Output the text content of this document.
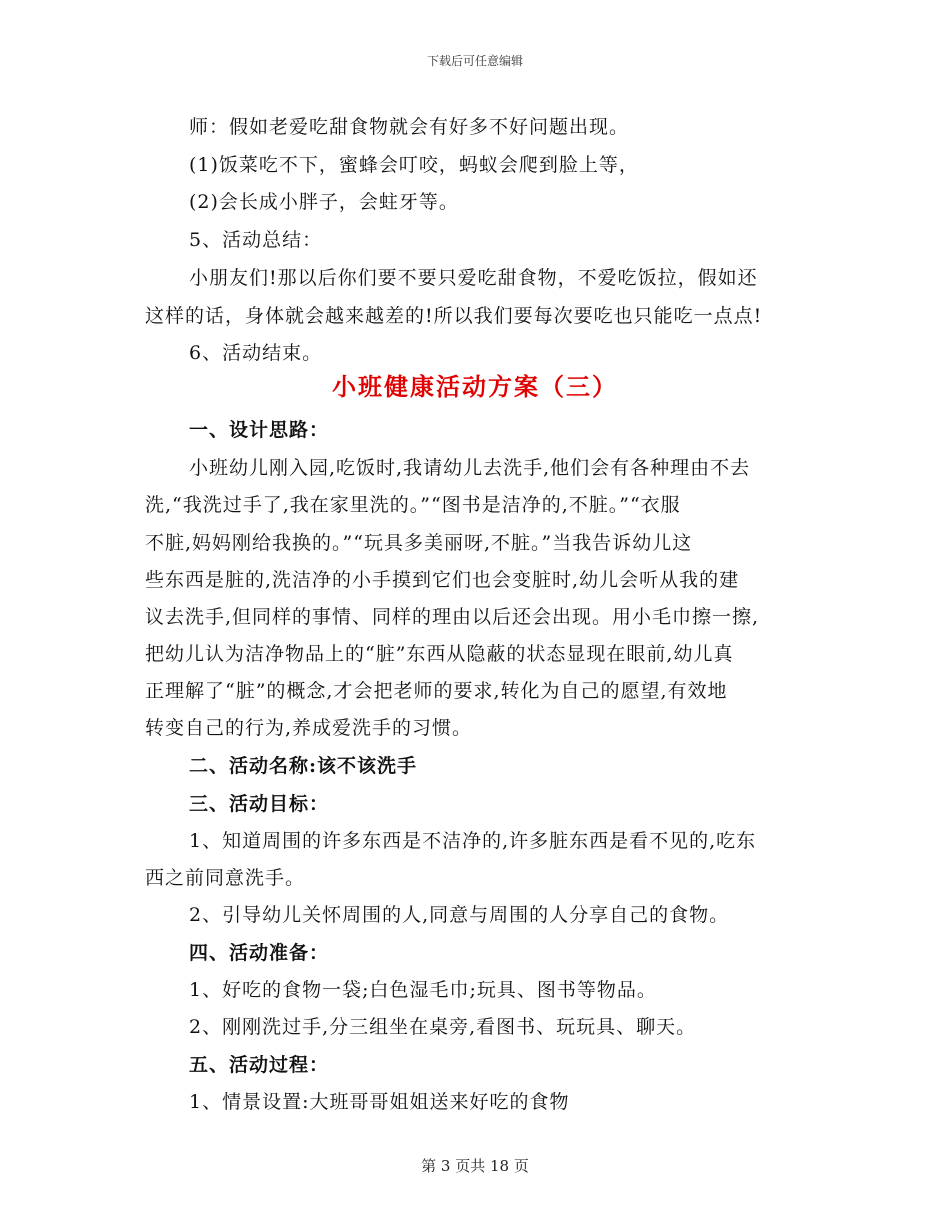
下载后可任意编辑
师：假如老爱吃甜食物就会有好多不好问题出现。
(1)饭菜吃不下，蜜蜂会叮咬，蚂蚁会爬到脸上等，
(2)会长成小胖子，会蛀牙等。
5、活动总结：
小朋友们!那以后你们要不要只爱吃甜食物，不爱吃饭拉，假如还
这样的话，身体就会越来越差的!所以我们要每次要吃也只能吃一点点!
6、活动结束。
小班健康活动方案（三）
一、设计思路：
小班幼儿刚入园,吃饭时,我请幼儿去洗手,他们会有各种理由不去
洗,“我洗过手了,我在家里洗的。”“图书是洁净的,不脏。”“衣服
不脏,妈妈刚给我换的。”“玩具多美丽呀,不脏。”当我告诉幼儿这
些东西是脏的,洗洁净的小手摸到它们也会变脏时,幼儿会听从我的建
议去洗手,但同样的事情、同样的理由以后还会出现。用小毛巾擦一擦,
把幼儿认为洁净物品上的“脏”东西从隐蔽的状态显现在眼前,幼儿真
正理解了“脏”的概念,才会把老师的要求,转化为自己的愿望,有效地
转变自己的行为,养成爱洗手的习惯。
二、活动名称:该不该洗手
三、活动目标：
1、知道周围的许多东西是不洁净的,许多脏东西是看不见的,吃东
西之前同意洗手。
2、引导幼儿关怀周围的人,同意与周围的人分享自己的食物。
四、活动准备：
1、好吃的食物一袋;白色湿毛巾;玩具、图书等物品。
2、刚刚洗过手,分三组坐在桌旁,看图书、玩玩具、聊天。
五、活动过程：
1、情景设置:大班哥哥姐姐送来好吃的食物
第 3 页共 18 页
